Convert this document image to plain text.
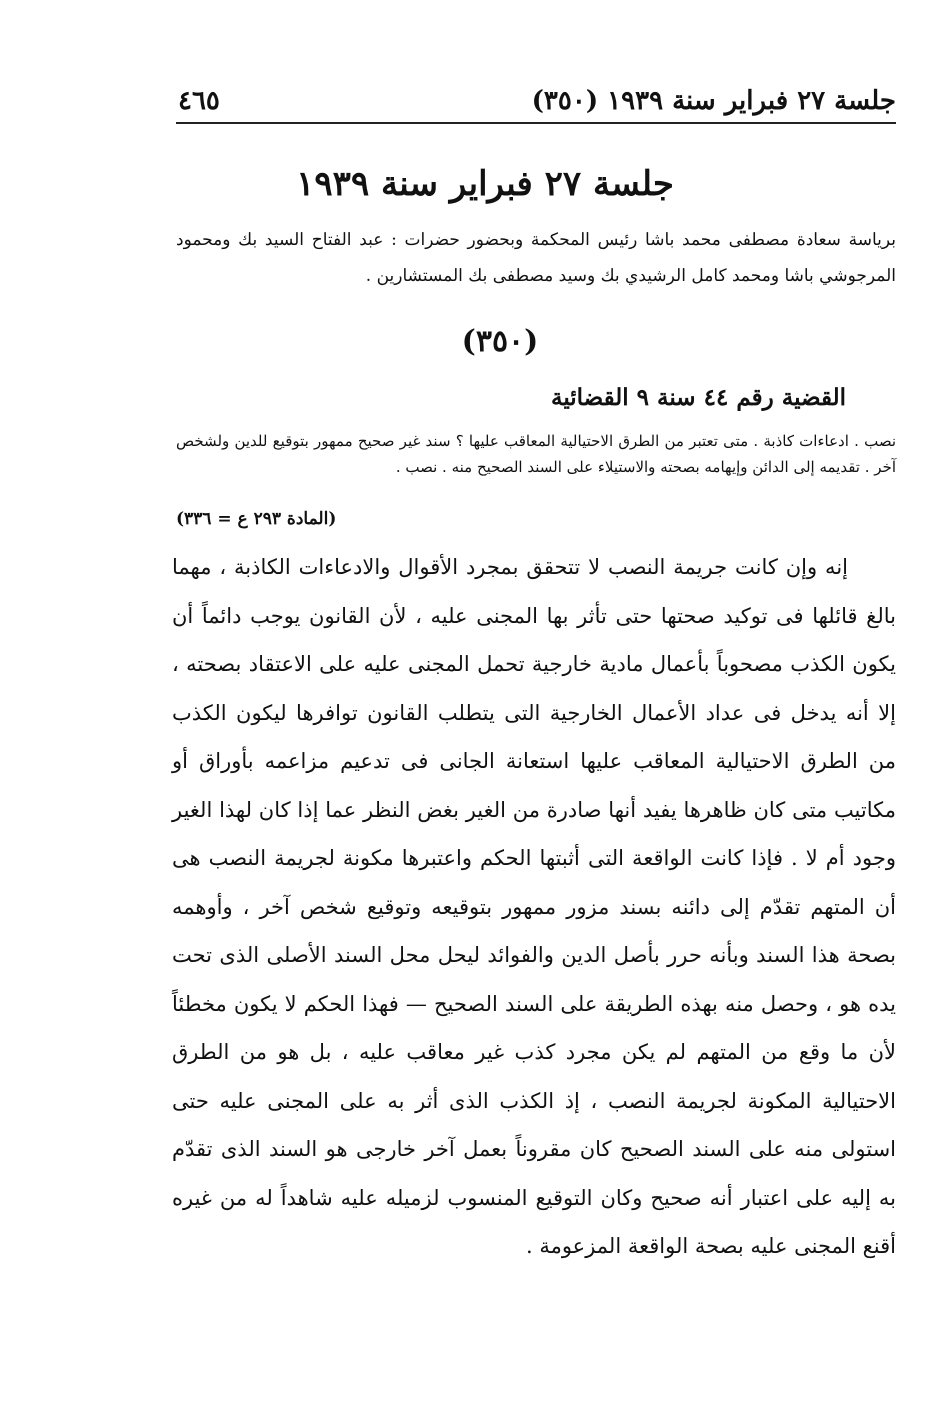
جلسة ٢٧ فبراير سنة ١٩٣٩ (٣٥٠)
٤٦٥
جلسة ٢٧ فبراير سنة ١٩٣٩
برياسة سعادة مصطفى محمد باشا رئيس المحكمة وبحضور حضرات : عبد الفتاح السيد بك ومحمود المرجوشي باشا ومحمد كامل الرشيدي بك وسيد مصطفى بك المستشارين .
(٣٥٠)
القضية رقم ٤٤ سنة ٩ القضائية
نصب . ادعاءات كاذبة . متى تعتبر من الطرق الاحتيالية المعاقب عليها ؟ سند غير صحيح ممهور بتوقيع للدين ولشخص آخر . تقديمه إلى الدائن وإيهامه بصحته والاستيلاء على السند الصحيح منه . نصب .
(المادة ٢٩٣ ع = ٣٣٦)

إنه وإن كانت جريمة النصب لا تتحقق بمجرد الأقوال والادعاءات الكاذبة ، مهما بالغ قائلها فى توكيد صحتها حتى تأثر بها المجنى عليه ، لأن القانون يوجب دائماً أن يكون الكذب مصحوباً بأعمال مادية خارجية تحمل المجنى عليه على الاعتقاد بصحته ، إلا أنه يدخل فى عداد الأعمال الخارجية التى يتطلب القانون توافرها ليكون الكذب من الطرق الاحتيالية المعاقب عليها استعانة الجانى فى تدعيم مزاعمه بأوراق أو مكاتيب متى كان ظاهرها يفيد أنها صادرة من الغير بغض النظر عما إذا كان لهذا الغير وجود أم لا . فإذا كانت الواقعة التى أثبتها الحكم واعتبرها مكونة لجريمة النصب هى أن المتهم تقدّم إلى دائنه بسند مزور ممهور بتوقيعه وتوقيع شخص آخر ، وأوهمه بصحة هذا السند وبأنه حرر بأصل الدين والفوائد ليحل محل السند الأصلى الذى تحت يده هو ، وحصل منه بهذه الطريقة على السند الصحيح — فهذا الحكم لا يكون مخطئاً لأن ما وقع من المتهم لم يكن مجرد كذب غير معاقب عليه ، بل هو من الطرق الاحتيالية المكونة لجريمة النصب ، إذ الكذب الذى أثر به على المجنى عليه حتى استولى منه على السند الصحيح كان مقروناً بعمل آخر خارجى هو السند الذى تقدّم به إليه على اعتبار أنه صحيح وكان التوقيع المنسوب لزميله عليه شاهداً له من غيره أقنع المجنى عليه بصحة الواقعة المزعومة .
